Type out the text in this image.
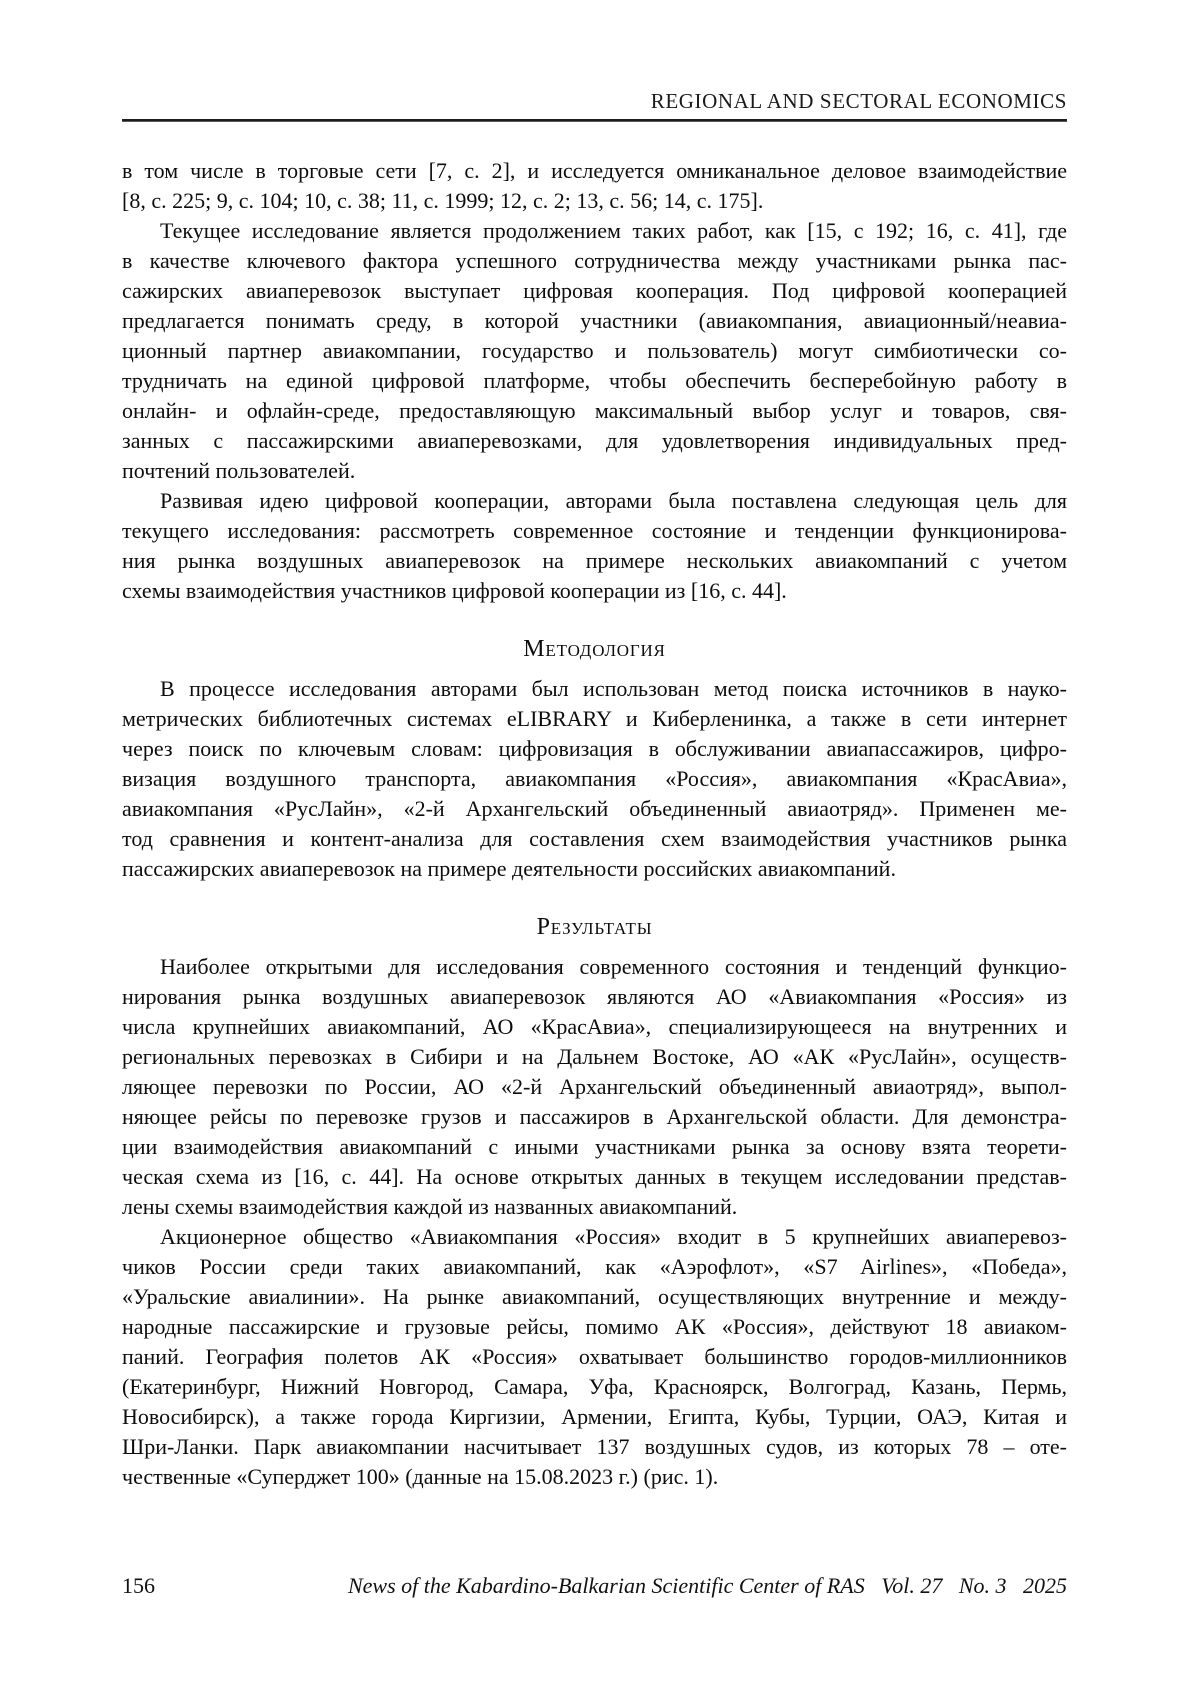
REGIONAL AND SECTORAL ECONOMICS
в том числе в торговые сети [7, с. 2], и исследуется омниканальное деловое взаимодействие
[8, с. 225; 9, с. 104; 10, с. 38; 11, с. 1999; 12, с. 2; 13, с. 56; 14, с. 175].
Текущее исследование является продолжением таких работ, как [15, с 192; 16, с. 41], где
в качестве ключевого фактора успешного сотрудничества между участниками рынка пас-
сажирских авиаперевозок выступает цифровая кооперация. Под цифровой кооперацией
предлагается понимать среду, в которой участники (авиакомпания, авиационный/неавиа-
ционный партнер авиакомпании, государство и пользователь) могут симбиотически со-
трудничать на единой цифровой платформе, чтобы обеспечить бесперебойную работу в
онлайн- и офлайн-среде, предоставляющую максимальный выбор услуг и товаров, свя-
занных с пассажирскими авиаперевозками, для удовлетворения индивидуальных пред-
почтений пользователей.
Развивая идею цифровой кооперации, авторами была поставлена следующая цель для
текущего исследования: рассмотреть современное состояние и тенденции функционирова-
ния рынка воздушных авиаперевозок на примере нескольких авиакомпаний с учетом
схемы взаимодействия участников цифровой кооперации из [16, с. 44].
Методология
В процессе исследования авторами был использован метод поиска источников в науко-
метрических библиотечных системах eLIBRARY и Киберленинка, а также в сети интернет
через поиск по ключевым словам: цифровизация в обслуживании авиапассажиров, цифро-
визация воздушного транспорта, авиакомпания «Россия», авиакомпания «КрасАвиа»,
авиакомпания «РусЛайн», «2-й Архангельский объединенный авиаотряд». Применен ме-
тод сравнения и контент-анализа для составления схем взаимодействия участников рынка
пассажирских авиаперевозок на примере деятельности российских авиакомпаний.
Результаты
Наиболее открытыми для исследования современного состояния и тенденций функцио-
нирования рынка воздушных авиаперевозок являются АО «Авиакомпания «Россия» из
числа крупнейших авиакомпаний, АО «КрасАвиа», специализирующееся на внутренних и
региональных перевозках в Сибири и на Дальнем Востоке, АО «АК «РусЛайн», осуществ-
ляющее перевозки по России, АО «2-й Архангельский объединенный авиаотряд», выпол-
няющее рейсы по перевозке грузов и пассажиров в Архангельской области. Для демонстра-
ции взаимодействия авиакомпаний с иными участниками рынка за основу взята теорети-
ческая схема из [16, с. 44]. На основе открытых данных в текущем исследовании представ-
лены схемы взаимодействия каждой из названных авиакомпаний.
Акционерное общество «Авиакомпания «Россия» входит в 5 крупнейших авиаперевоз-
чиков России среди таких авиакомпаний, как «Аэрофлот», «S7 Airlines», «Победа»,
«Уральские авиалинии». На рынке авиакомпаний, осуществляющих внутренние и между-
народные пассажирские и грузовые рейсы, помимо АК «Россия», действуют 18 авиаком-
паний. География полетов АК «Россия» охватывает большинство городов-миллионников
(Екатеринбург, Нижний Новгород, Самара, Уфа, Красноярск, Волгоград, Казань, Пермь,
Новосибирск), а также города Киргизии, Армении, Египта, Кубы, Турции, ОАЭ, Китая и
Шри-Ланки. Парк авиакомпании насчитывает 137 воздушных судов, из которых 78 – оте-
чественные «Суперджет 100» (данные на 15.08.2023 г.) (рис. 1).
156	News of the Kabardino-Balkarian Scientific Center of RAS   Vol. 27   No. 3   2025
